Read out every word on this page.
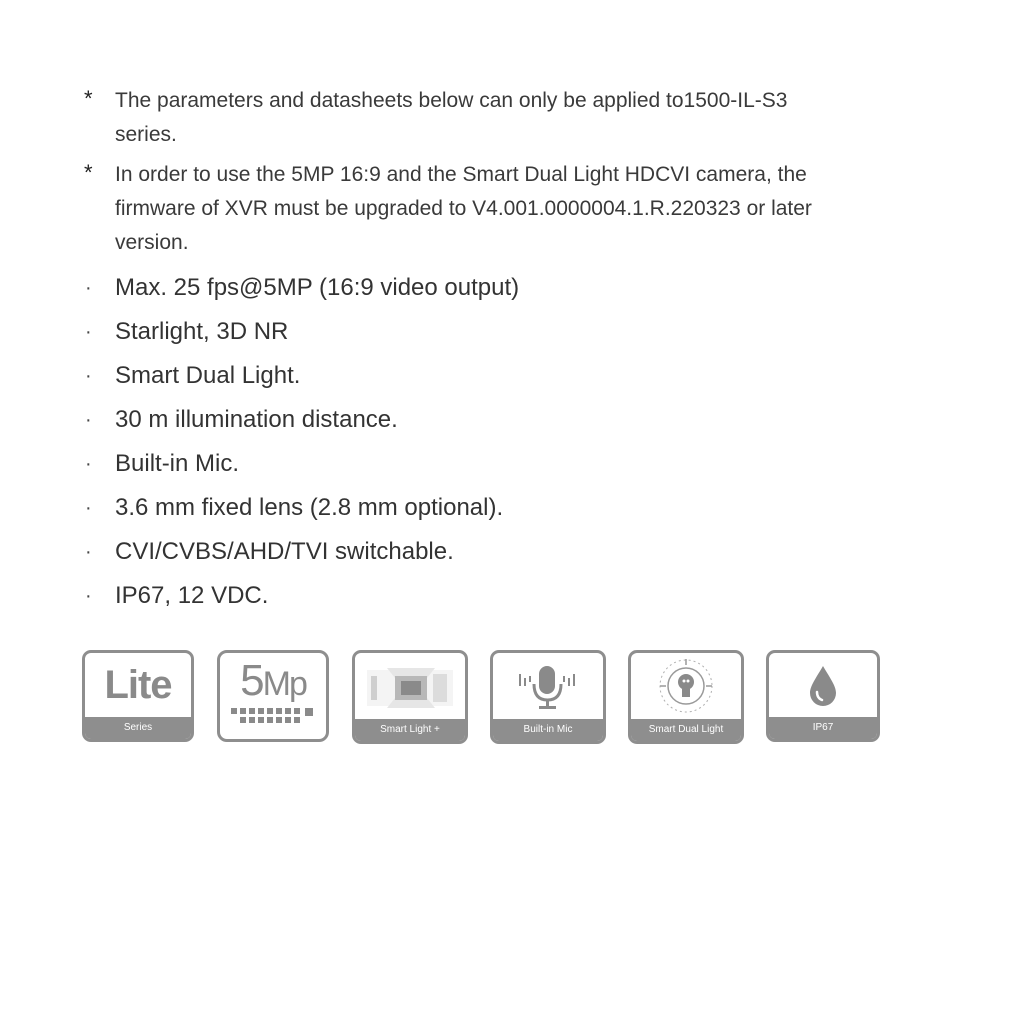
* The parameters and datasheets below can only be applied to1500-IL-S3
series.
* In order to use the 5MP 16:9 and the Smart Dual Light HDCVI camera, the
firmware of XVR must be upgraded to V4.001.0000004.1.R.220323 or later
version.
· Max. 25 fps@5MP (16:9 video output)
· Starlight, 3D NR
· Smart Dual Light.
· 30 m illumination distance.
· Built-in Mic.
· 3.6 mm fixed lens (2.8 mm optional).
· CVI/CVBS/AHD/TVI switchable.
· IP67, 12 VDC.
Lite
Series
5Mp
Smart Light +	Built-in Mic	Smart Dual Light	IP67
